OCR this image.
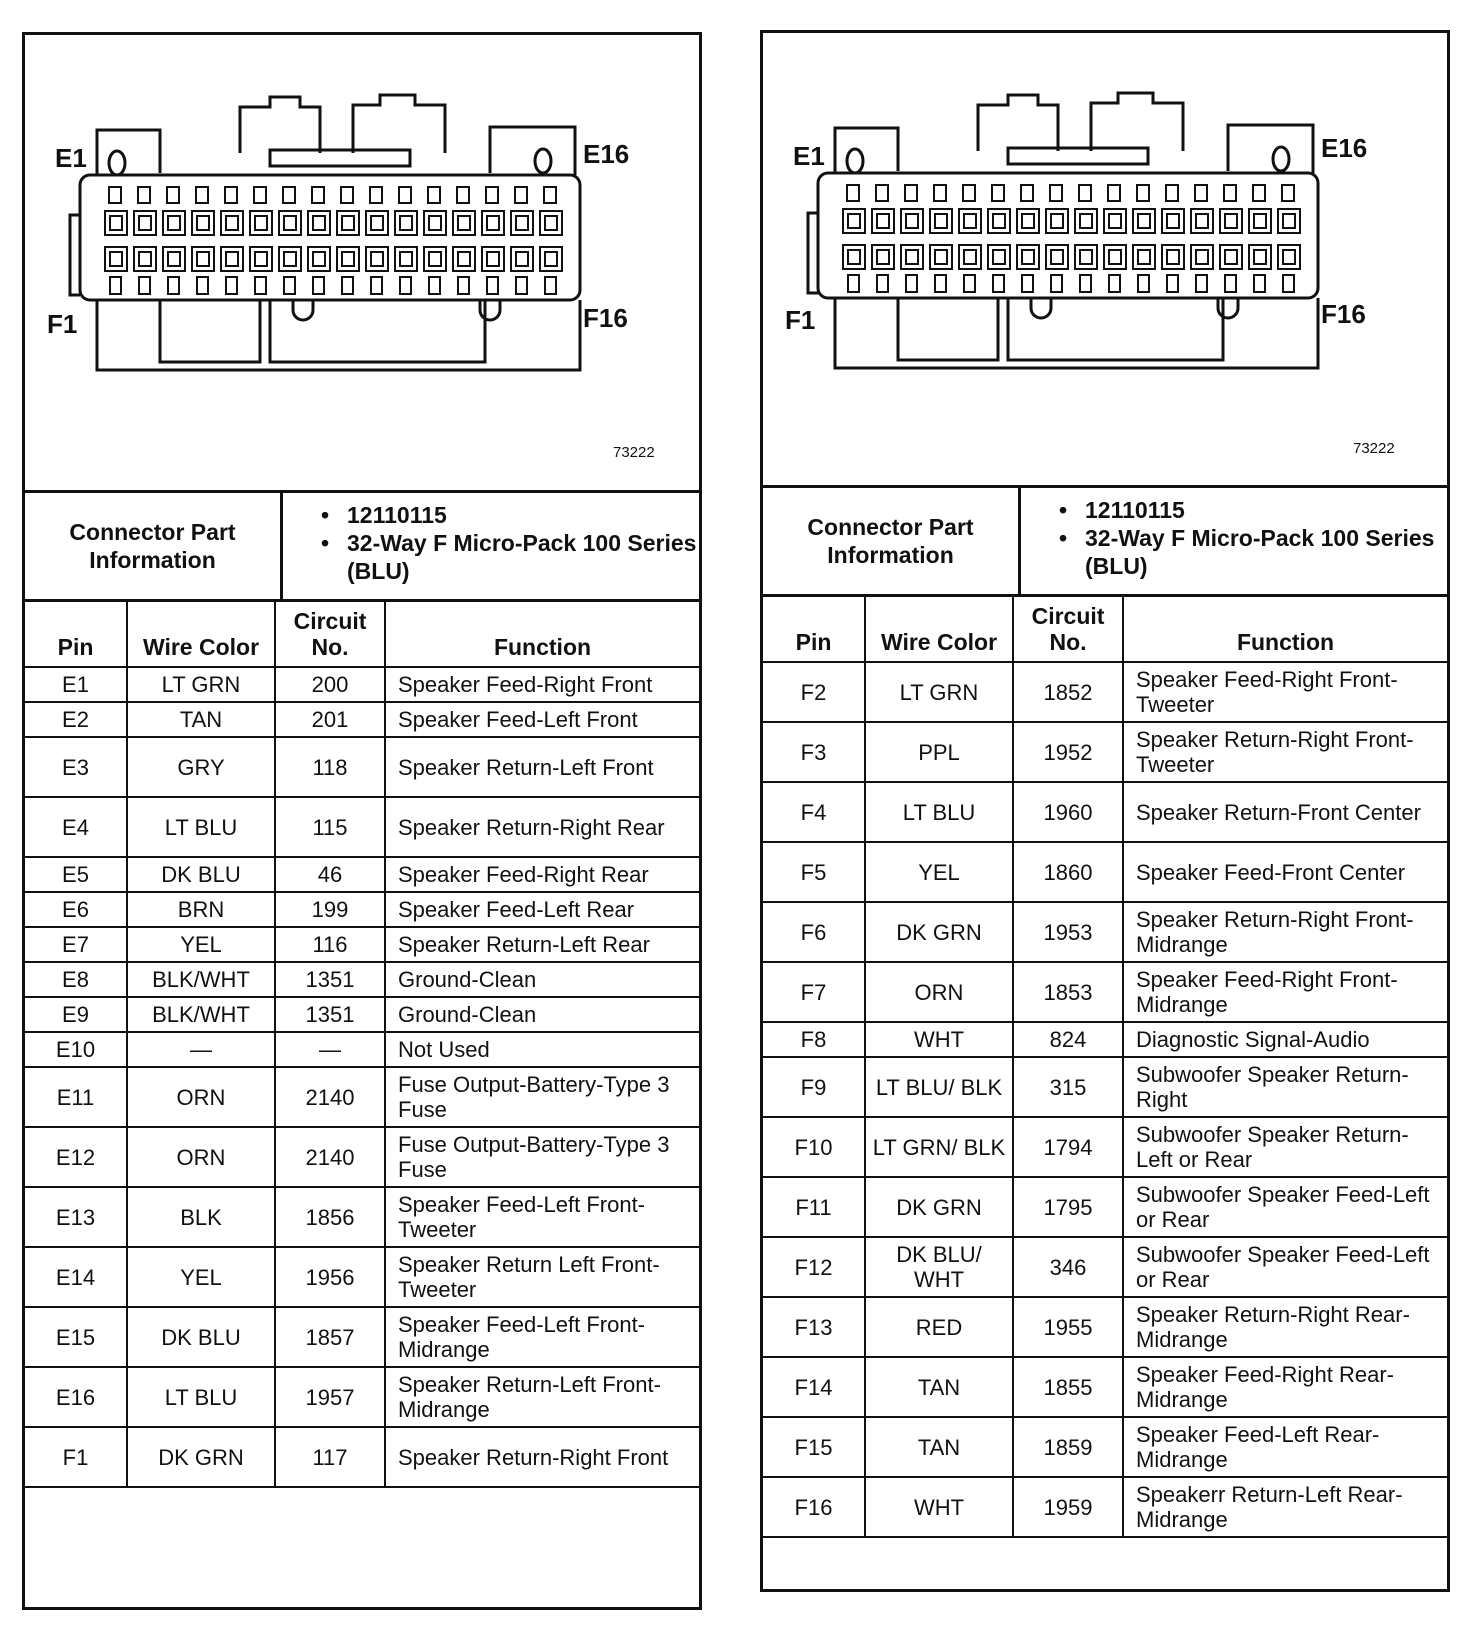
E1	E16
F1	F16
73222
Connector Part Information
• 12110115
• 32-Way F Micro-Pack 100 Series (BLU)
Pin	Wire Color	Circuit No.	Function
E1	LT GRN	200	Speaker Feed-Right Front
E2	TAN	201	Speaker Feed-Left Front
E3	GRY	118	Speaker Return-Left Front
E4	LT BLU	115	Speaker Return-Right Rear
E5	DK BLU	46	Speaker Feed-Right Rear
E6	BRN	199	Speaker Feed-Left Rear
E7	YEL	116	Speaker Return-Left Rear
E8	BLK/WHT	1351	Ground-Clean
E9	BLK/WHT	1351	Ground-Clean
E10	—	—	Not Used
E11	ORN	2140	Fuse Output-Battery-Type 3 Fuse
E12	ORN	2140	Fuse Output-Battery-Type 3 Fuse
E13	BLK	1856	Speaker Feed-Left Front-Tweeter
E14	YEL	1956	Speaker Return Left Front-Tweeter
E15	DK BLU	1857	Speaker Feed-Left Front-Midrange
E16	LT BLU	1957	Speaker Return-Left Front-Midrange
F1	DK GRN	117	Speaker Return-Right Front
E1	E16
F1	F16
73222
Connector Part Information
• 12110115
• 32-Way F Micro-Pack 100 Series (BLU)
Pin	Wire Color	Circuit No.	Function
F2	LT GRN	1852	Speaker Feed-Right Front-Tweeter
F3	PPL	1952	Speaker Return-Right Front-Tweeter
F4	LT BLU	1960	Speaker Return-Front Center
F5	YEL	1860	Speaker Feed-Front Center
F6	DK GRN	1953	Speaker Return-Right Front-Midrange
F7	ORN	1853	Speaker Feed-Right Front-Midrange
F8	WHT	824	Diagnostic Signal-Audio
F9	LT BLU/ BLK	315	Subwoofer Speaker Return-Right
F10	LT GRN/ BLK	1794	Subwoofer Speaker Return-Left or Rear
F11	DK GRN	1795	Subwoofer Speaker Feed-Left or Rear
F12	DK BLU/ WHT	346	Subwoofer Speaker Feed-Left or Rear
F13	RED	1955	Speaker Return-Right Rear-Midrange
F14	TAN	1855	Speaker Feed-Right Rear-Midrange
F15	TAN	1859	Speaker Feed-Left Rear-Midrange
F16	WHT	1959	Speakerr Return-Left Rear-Midrange
